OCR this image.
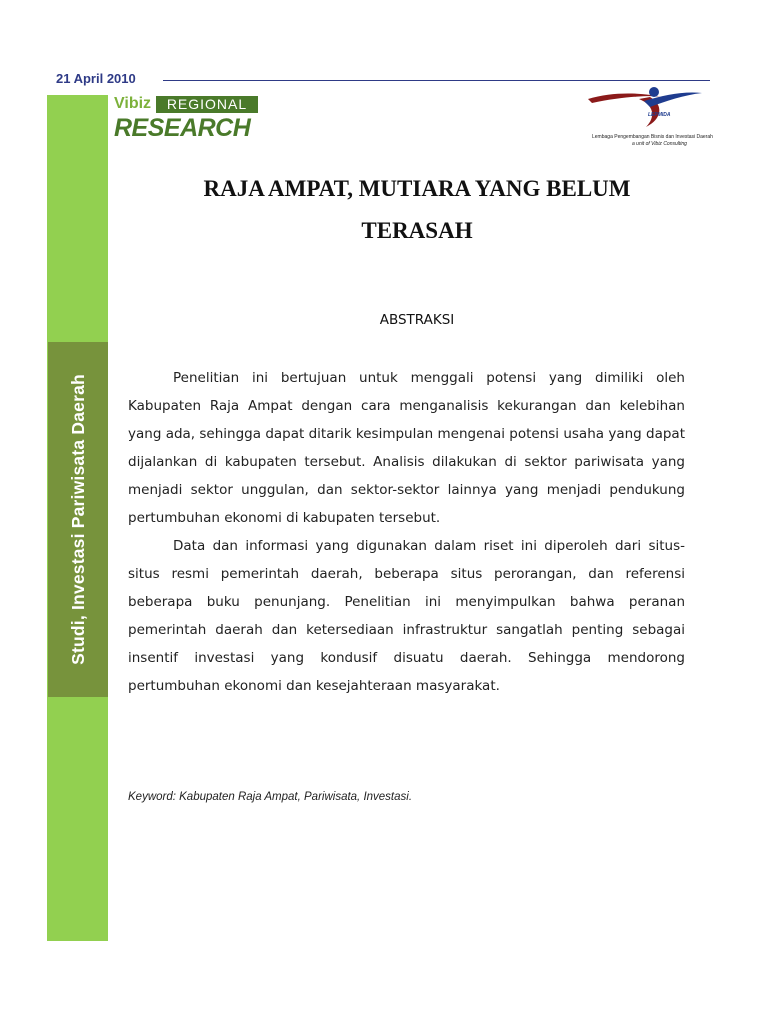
21 April 2010
Studi, Investasi Pariwisata Daerah
Vibiz	REGIONAL
RESEARCH	LEPMIDA
Lembaga Pengembangan Bisnis dan Investasi Daerah
a unit of Vibiz Consulting
RAJA AMPAT, MUTIARA YANG BELUM
TERASAH
ABSTRAKSI

Penelitian ini bertujuan untuk menggali potensi yang dimiliki oleh Kabupaten Raja Ampat dengan cara menganalisis kekurangan dan kelebihan yang ada, sehingga dapat ditarik kesimpulan mengenai potensi usaha yang dapat dijalankan di kabupaten tersebut. Analisis dilakukan di sektor pariwisata yang menjadi sektor unggulan, dan sektor-sektor lainnya yang menjadi pendukung pertumbuhan ekonomi di kabupaten tersebut.

Data dan informasi yang digunakan dalam riset ini diperoleh dari situs-situs resmi pemerintah daerah, beberapa situs perorangan, dan referensi beberapa buku penunjang. Penelitian ini menyimpulkan bahwa peranan pemerintah daerah dan ketersediaan infrastruktur sangatlah penting sebagai insentif investasi yang kondusif disuatu daerah. Sehingga mendorong pertumbuhan ekonomi dan kesejahteraan masyarakat.

Keyword: Kabupaten Raja Ampat, Pariwisata, Investasi.
